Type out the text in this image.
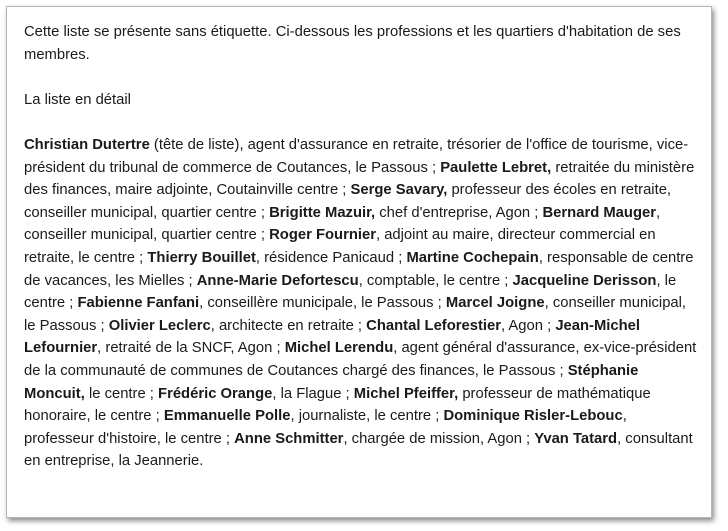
Cette liste se présente sans étiquette. Ci-dessous les professions et les quartiers d'habitation de ses membres.

La liste en détail

Christian Dutertre (tête de liste), agent d'assurance en retraite, trésorier de l'office de tourisme, vice-président du tribunal de commerce de Coutances, le Passous ; Paulette Lebret, retraitée du ministère des finances, maire adjointe, Coutainville centre ; Serge Savary, professeur des écoles en retraite, conseiller municipal, quartier centre ; Brigitte Mazuir, chef d'entreprise, Agon ; Bernard Mauger, conseiller municipal, quartier centre ; Roger Fournier, adjoint au maire, directeur commercial en retraite, le centre ; Thierry Bouillet, résidence Panicaud ; Martine Cochepain, responsable de centre de vacances, les Mielles ; Anne-Marie Defortescu, comptable, le centre ; Jacqueline Derisson, le centre ; Fabienne Fanfani, conseillère municipale, le Passous ; Marcel Joigne, conseiller municipal, le Passous ; Olivier Leclerc, architecte en retraite ; Chantal Leforestier, Agon ; Jean-Michel Lefournier, retraité de la SNCF, Agon ; Michel Lerendu, agent général d'assurance, ex-vice-président de la communauté de communes de Coutances chargé des finances, le Passous ; Stéphanie Moncuit, le centre ; Frédéric Orange, la Flague ; Michel Pfeiffer, professeur de mathématique honoraire, le centre ; Emmanuelle Polle, journaliste, le centre ; Dominique Risler-Lebouc, professeur d'histoire, le centre ; Anne Schmitter, chargée de mission, Agon ; Yvan Tatard, consultant en entreprise, la Jeannerie.
